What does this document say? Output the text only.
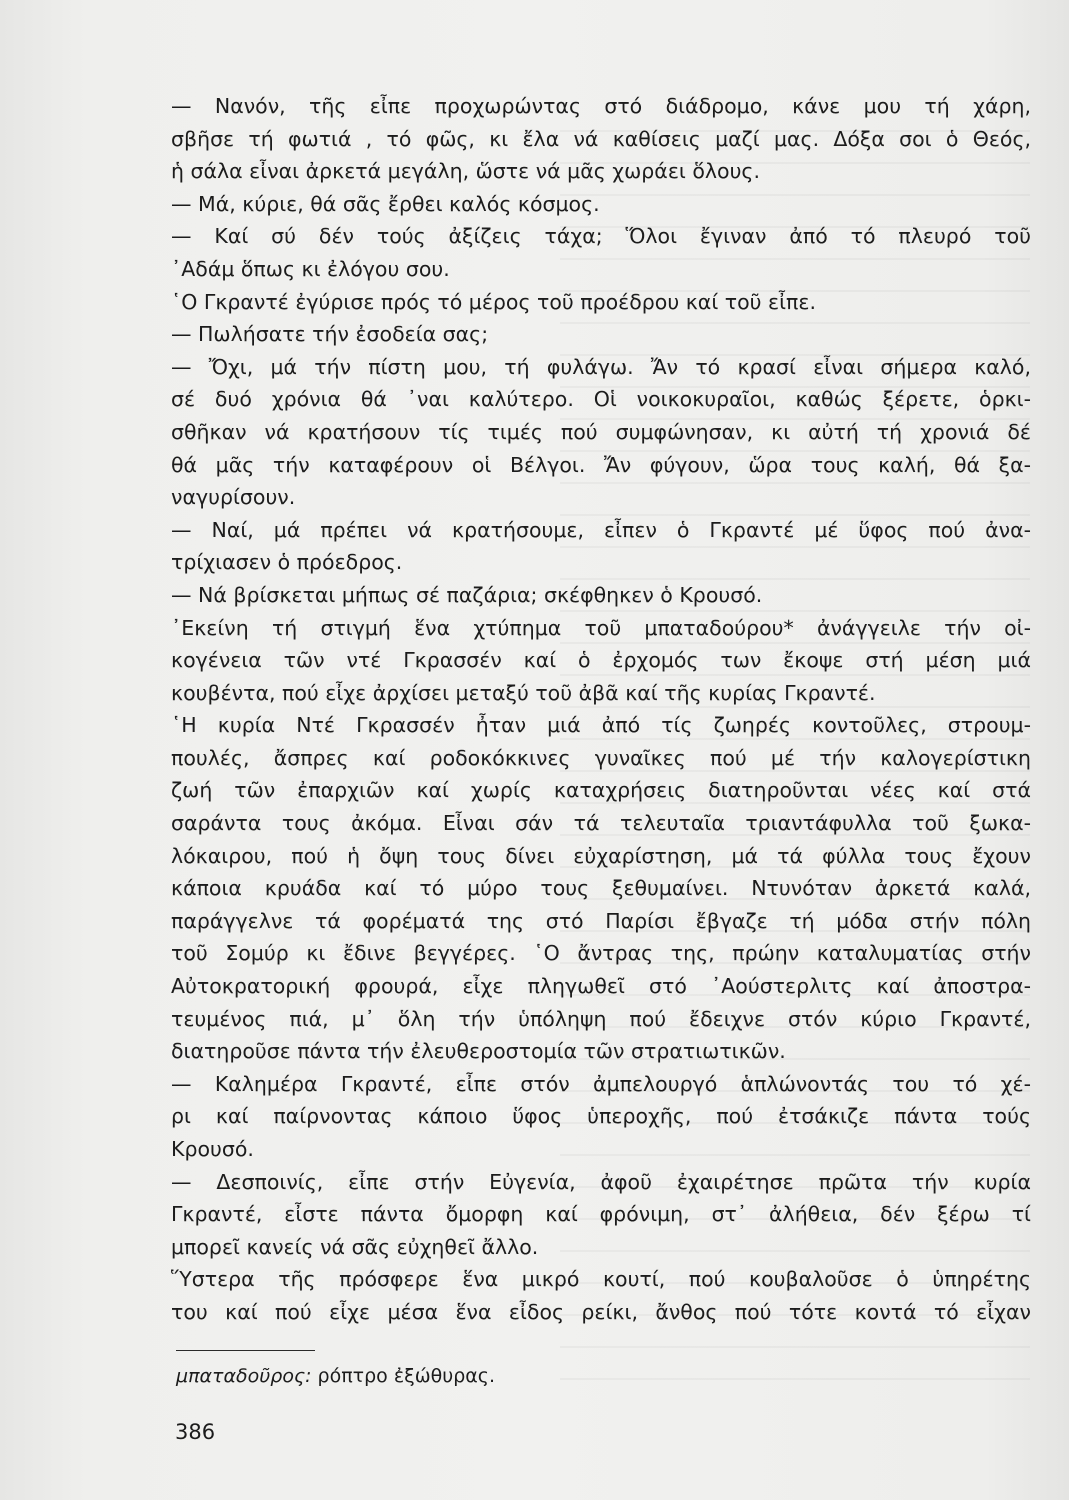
— Νανόν, τῆς εἶπε προχωρώντας στό διάδρομο, κάνε μου τή χάρη,
σβῆσε τή φωτιά , τό φῶς, κι ἔλα νά καθίσεις μαζί μας. Δόξα σοι ὁ Θεός,
ἡ σάλα εἶναι ἀρκετά μεγάλη, ὥστε νά μᾶς χωράει ὅλους.
— Μά, κύριε, θά σᾶς ἔρθει καλός κόσμος.
— Καί σύ δέν τούς ἀξίζεις τάχα; Ὅλοι ἔγιναν ἀπό τό πλευρό τοῦ
᾿Αδάμ ὅπως κι ἐλόγου σου.
῾Ο Γκραντέ ἐγύρισε πρός τό μέρος τοῦ προέδρου καί τοῦ εἶπε.
— Πωλήσατε τήν ἐσοδεία σας;
— Ὄχι, μά τήν πίστη μου, τή φυλάγω. Ἄν τό κρασί εἶναι σήμερα καλό,
σέ δυό χρόνια θά ᾽ναι καλύτερο. Οἱ νοικοκυραῖοι, καθώς ξέρετε, ὁρκι-
σθῆκαν νά κρατήσουν τίς τιμές πού συμφώνησαν, κι αὐτή τή χρονιά δέ
θά μᾶς τήν καταφέρουν οἱ Βέλγοι. Ἄν φύγουν, ὥρα τους καλή, θά ξα-
ναγυρίσουν.
— Ναί, μά πρέπει νά κρατήσουμε, εἶπεν ὁ Γκραντέ μέ ὕφος πού ἀνα-
τρίχιασεν ὁ πρόεδρος.
— Νά βρίσκεται μήπως σέ παζάρια; σκέφθηκεν ὁ Κρουσό.
᾿Εκείνη τή στιγμή ἕνα χτύπημα τοῦ μπαταδούρου* ἀνάγγειλε τήν οἰ-
κογένεια τῶν ντέ Γκρασσέν καί ὁ ἐρχομός των ἔκοψε στή μέση μιά
κουβέντα, πού εἶχε ἀρχίσει μεταξύ τοῦ ἀβᾶ καί τῆς κυρίας Γκραντέ.
῾Η κυρία Ντέ Γκρασσέν ἦταν μιά ἀπό τίς ζωηρές κοντοῦλες, στρουμ-
πουλές, ἄσπρες καί ροδοκόκκινες γυναῖκες πού μέ τήν καλογερίστικη
ζωή τῶν ἐπαρχιῶν καί χωρίς καταχρήσεις διατηροῦνται νέες καί στά
σαράντα τους ἀκόμα. Εἶναι σάν τά τελευταῖα τριαντάφυλλα τοῦ ξωκα-
λόκαιρου, πού ἡ ὄψη τους δίνει εὐχαρίστηση, μά τά φύλλα τους ἔχουν
κάποια κρυάδα καί τό μύρο τους ξεθυμαίνει. Ντυνόταν ἀρκετά καλά,
παράγγελνε τά φορέματά της στό Παρίσι ἔβγαζε τή μόδα στήν πόλη
τοῦ Σομύρ κι ἔδινε βεγγέρες. ῾Ο ἄντρας της, πρώην καταλυματίας στήν
Αὐτοκρατορική φρουρά, εἶχε πληγωθεῖ στό ᾿Αούστερλιτς καί ἀποστρα-
τευμένος πιά, μ᾽ ὅλη τήν ὑπόληψη πού ἔδειχνε στόν κύριο Γκραντέ,
διατηροῦσε πάντα τήν ἐλευθεροστομία τῶν στρατιωτικῶν.
— Καλημέρα Γκραντέ, εἶπε στόν ἀμπελουργό ἁπλώνοντάς του τό χέ-
ρι καί παίρνοντας κάποιο ὕφος ὑπεροχῆς, πού ἐτσάκιζε πάντα τούς
Κρουσό.
— Δεσποινίς, εἶπε στήν Εὐγενία, ἀφοῦ ἐχαιρέτησε πρῶτα τήν κυρία
Γκραντέ, εἶστε πάντα ὄμορφη καί φρόνιμη, στ᾽ ἀλήθεια, δέν ξέρω τί
μπορεῖ κανείς νά σᾶς εὐχηθεῖ ἄλλο.
Ὕστερα τῆς πρόσφερε ἕνα μικρό κουτί, πού κουβαλοῦσε ὁ ὑπηρέτης
του καί πού εἶχε μέσα ἕνα εἶδος ρείκι, ἄνθος πού τότε κοντά τό εἶχαν
μπαταδοῦρος: ρόπτρο ἐξώθυρας.
386
